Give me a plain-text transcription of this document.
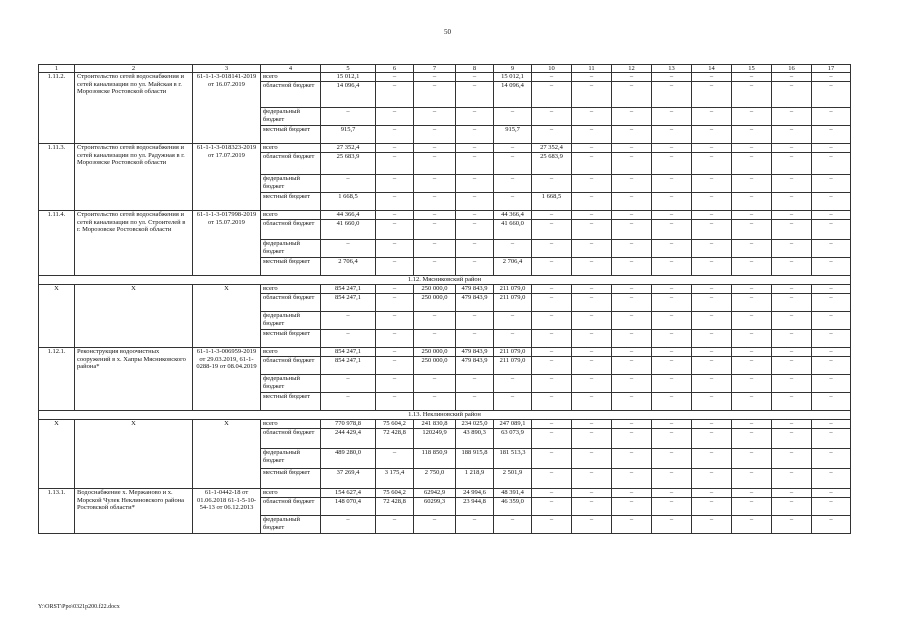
50
1	2	3	4	5	6	7	8	9	10	11	12	13	14	15	16	17
1.11.2.	Строительство сетей водоснабжения и сетей канализации по ул. Майская в г. Морозовске Ростовской области	61-1-1-3-018141-2019 от 16.07.2019	всего	15 012,1	–	–	–	15 012,1	–	–	–	–	–	–	–	–
			областной бюджет	14 096,4	–	–	–	14 096,4	–	–	–	–	–	–	–	–
			федеральный бюджет	–	–	–	–	–	–	–	–	–	–	–	–	–
			местный бюджет	915,7	–	–	–	915,7	–	–	–	–	–	–	–	–
1.11.3.	Строительство сетей водоснабжения и сетей канализации по ул. Радужная в г. Морозовске Ростовской области	61-1-1-3-018323-2019 от 17.07.2019	всего	27 352,4	–	–	–	–	27 352,4	–	–	–	–	–	–	–
			областной бюджет	25 683,9	–	–	–	–	25 683,9	–	–	–	–	–	–	–
			федеральный бюджет	–	–	–	–	–	–	–	–	–	–	–	–	–
			местный бюджет	1 668,5	–	–	–	–	1 668,5	–	–	–	–	–	–	–
1.11.4.	Строительство сетей водоснабжения и сетей канализации по ул. Строителей в г. Морозовске Ростовской области	61-1-1-3-017998-2019 от 15.07.2019	всего	44 366,4	–	–	–	44 366,4	–	–	–	–	–	–	–	–
			областной бюджет	41 660,0	–	–	–	41 660,0	–	–	–	–	–	–	–	–
			федеральный бюджет	–	–	–	–	–	–	–	–	–	–	–	–	–
			местный бюджет	2 706,4	–	–	–	2 706,4	–	–	–	–	–	–	–	–
1.12. Мясниковский район																
Х	Х	Х	всего	854 247,1	–	250 000,0	479 843,9	211 079,0	–	–	–	–	–	–	–	–
			областной бюджет	854 247,1	–	250 000,0	479 843,9	211 079,0	–	–	–	–	–	–	–	–
			федеральный бюджет	–	–	–	–	–	–	–	–	–	–	–	–	–
			местный бюджет	–	–	–	–	–	–	–	–	–	–	–	–	–
1.12.1.	Реконструкция водоочистных сооружений в х. Хапры Мясниковского района*	61-1-1-3-006959-2019 от 29.03.2019, 61-1-0288-19 от 08.04.2019	всего	854 247,1	–	250 000,0	479 843,9	211 079,0	–	–	–	–	–	–	–	–
			областной бюджет	854 247,1	–	250 000,0	479 843,9	211 079,0	–	–	–	–	–	–	–	–
			федеральный бюджет	–	–	–	–	–	–	–	–	–	–	–	–	–
			местный бюджет	–	–	–	–	–	–	–	–	–	–	–	–	–
1.13. Неклиновский район																
Х	Х	Х	всего	770 978,8	75 604,2	241 830,8	234 025,0	247 089,1	–	–	–	–	–	–	–	–
			областной бюджет	244 429,4	72 428,8	120249,9	43 890,3	63 073,9	–	–	–	–	–	–	–	–
			федеральный бюджет	489 280,0	–	118 850,9	188 915,8	181 513,3	–	–	–	–	–	–	–	–
			местный бюджет	37 269,4	3 175,4	2 750,0	1 218,9	2 501,9	–	–	–	–	–	–	–	–
1.13.1.	Водоснабжение х. Мержаново и х. Морской Чулек Неклиновского района Ростовской области*	61-1-0442-18 от 01.06.2018 61-1-5-10-54-13 от 06.12.2013	всего	154 627,4	75 604,2	62942,9	24 994,6	48 391,4	–	–	–	–	–	–	–	–
			областной бюджет	148 070,4	72 428,8	60299,3	23 944,8	46 359,0	–	–	–	–	–	–	–	–
			федеральный бюджет	–	–	–	–	–	–	–	–	–	–	–	–	–
Y:\ORST\Ppo\0321p200.f22.docx
